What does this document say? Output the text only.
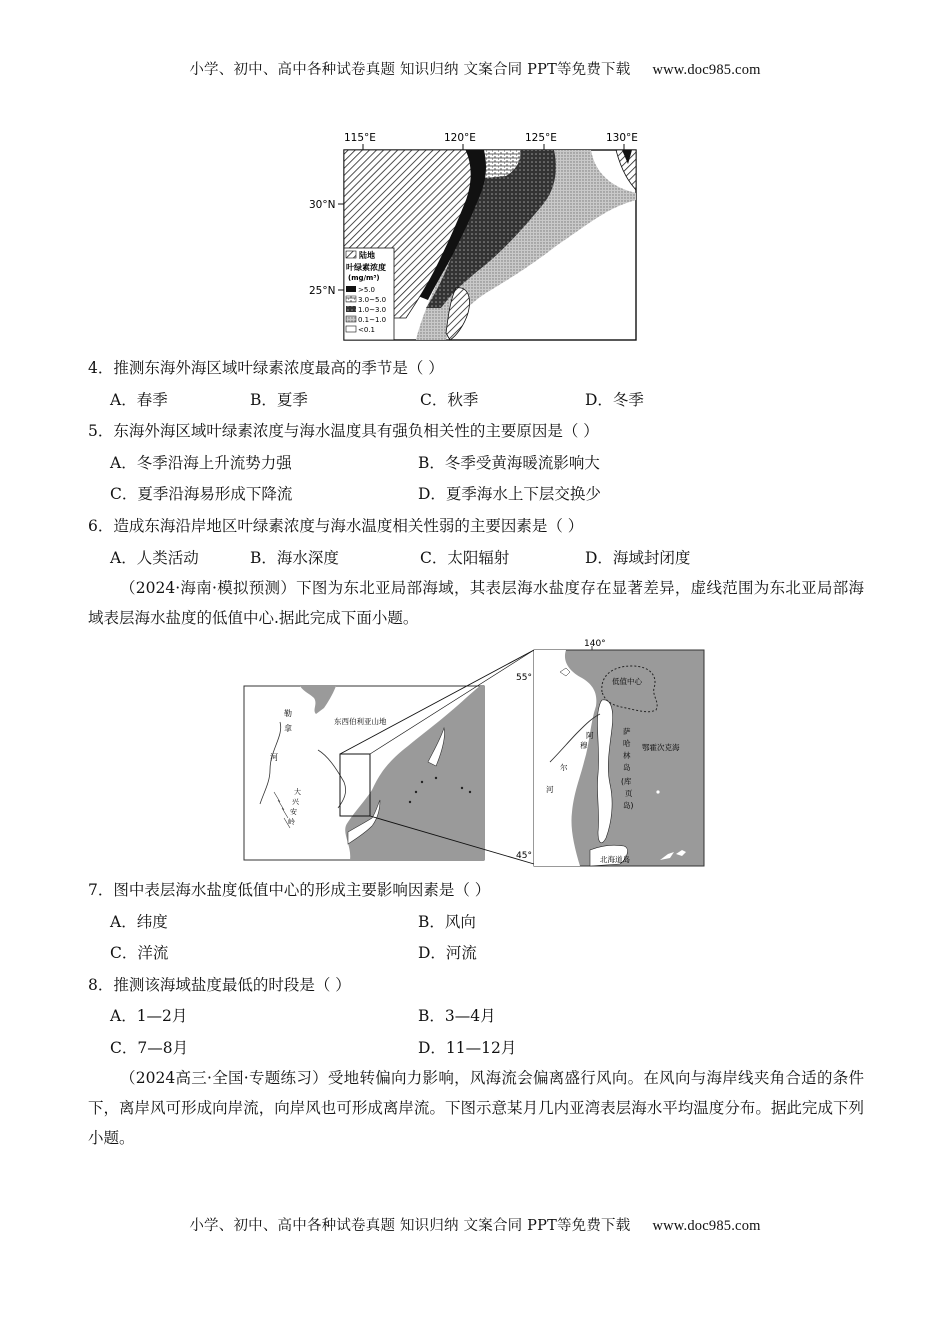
小学、初中、高中各种试卷真题 知识归纳 文案合同 PPT等免费下载 www.doc985.com
陆地
叶绿素浓度
(mg/m³)
>5.0
3.0~5.0
1.0~3.0
0.1~1.0
<0.1
115°E	120°E	125°E	130°E
30°N
25°N
4．推测东海外海区域叶绿素浓度最高的季节是（ ）
A．春季	B．夏季	C．秋季	D．冬季
5．东海外海区域叶绿素浓度与海水温度具有强负相关性的主要原因是（ ）
A．冬季沿海上升流势力强	B．冬季受黄海暖流影响大
C．夏季沿海易形成下降流	D．夏季海水上下层交换少
6．造成东海沿岸地区叶绿素浓度与海水温度相关性弱的主要因素是（ ）
A．人类活动	B．海水深度	C．太阳辐射	D．海域封闭度
（2024·海南·模拟预测）下图为东北亚局部海域，其表层海水盐度存在显著差异，虚线范围为东北亚局部海域表层海水盐度的低值中心.据此完成下面小题。
勒
拿
河
东西伯利亚山地
大
兴
安
岭
140°
55°
45°
低值中心
萨
哈
林
岛
(库
页
岛)
鄂霍次克海
阿
穆
尔
河
北海道岛
7．图中表层海水盐度低值中心的形成主要影响因素是（ ）
A．纬度	B．风向
C．洋流	D．河流
8．推测该海域盐度最低的时段是（ ）
A．1—2月	B．3—4月
C．7—8月	D．11—12月
（2024高三·全国·专题练习）受地转偏向力影响，风海流会偏离盛行风向。在风向与海岸线夹角合适的条件下，离岸风可形成向岸流，向岸风也可形成离岸流。下图示意某月几内亚湾表层海水平均温度分布。据此完成下列小题。
小学、初中、高中各种试卷真题 知识归纳 文案合同 PPT等免费下载 www.doc985.com
